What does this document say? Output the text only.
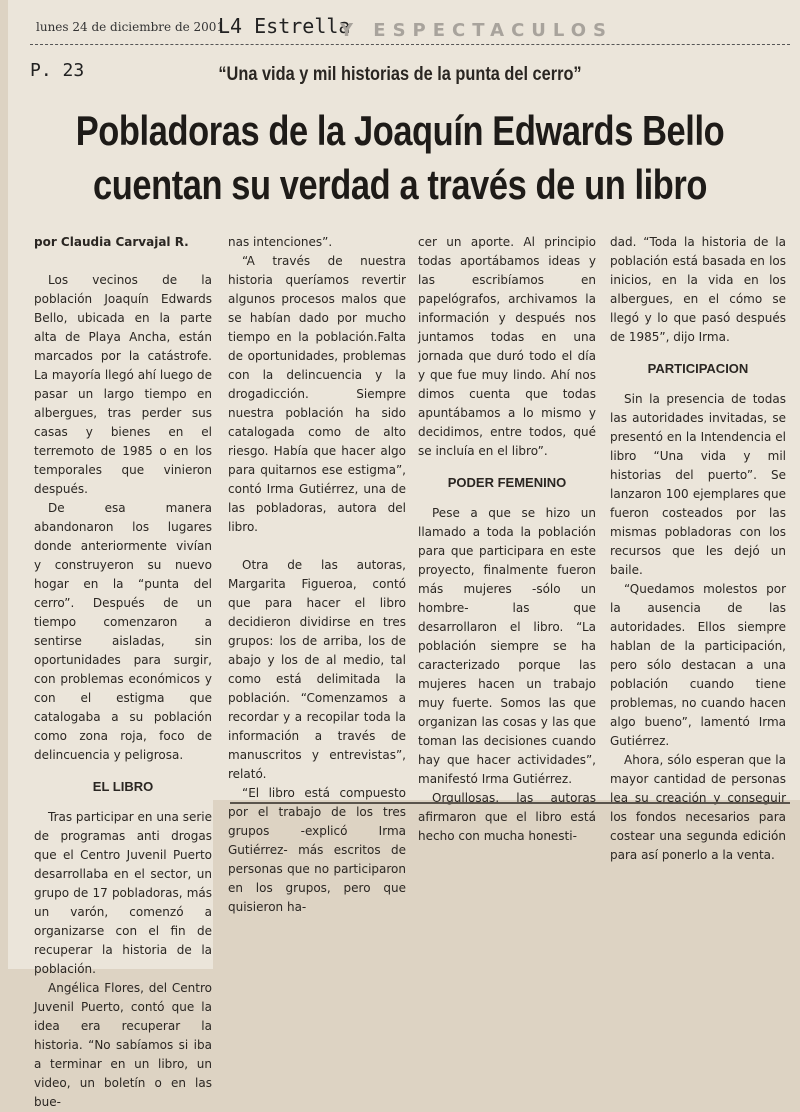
lunes 24 de diciembre de 2001
L4 Estrella
Y ESPECTACULOS
P. 23	“Una vida y mil historias de la punta del cerro”
Pobladoras de la Joaquín Edwards Bello
cuentan su verdad a través de un libro

por Claudia Carvajal R.

Los vecinos de la población Joaquín Edwards Bello, ubicada en la parte alta de Playa Ancha, están marcados por la catástrofe. La mayoría llegó ahí luego de pasar un largo tiempo en albergues, tras perder sus casas y bienes en el terremoto de 1985 o en los temporales que vinieron después.

De esa manera abandonaron los lugares donde anteriormente vivían y construyeron su nuevo hogar en la “punta del cerro”. Después de un tiempo comenzaron a sentirse aisladas, sin oportunidades para surgir, con problemas económicos y con el estigma que catalogaba a su población como zona roja, foco de delincuencia y peligrosa.

EL LIBRO

Tras participar en una serie de programas anti drogas que el Centro Juvenil Puerto desarrollaba en el sector, un grupo de 17 pobladoras, más un varón, comenzó a organizarse con el fin de recuperar la historia de la población.

Angélica Flores, del Centro Juvenil Puerto, contó que la idea era recuperar la historia. “No sabíamos si iba a terminar en un libro, un video, un boletín o en las bue-

nas intenciones”.

“A través de nuestra historia queríamos revertir algunos procesos malos que se habían dado por mucho tiempo en la población.Falta de oportunidades, problemas con la delincuencia y la drogadicción. Siempre nuestra población ha sido catalogada como de alto riesgo. Había que hacer algo para quitarnos ese estigma”, contó Irma Gutiérrez, una de las pobladoras, autora del libro.

Otra de las autoras, Margarita Figueroa, contó que para hacer el libro decidieron dividirse en tres grupos: los de arriba, los de abajo y los de al medio, tal como está delimitada la población. “Comenzamos a recordar y a recopilar toda la información a través de manuscritos y entrevistas”, relató.

“El libro está compuesto por el trabajo de los tres grupos -explicó Irma Gutiérrez- más escritos de personas que no participaron en los grupos, pero que quisieron ha-

cer un aporte. Al principio todas aportábamos ideas y las escribíamos en papelógrafos, archivamos la información y después nos juntamos todas en una jornada que duró todo el día y que fue muy lindo. Ahí nos dimos cuenta que todas apuntábamos a lo mismo y decidimos, entre todos, qué se incluía en el libro”.

PODER FEMENINO

Pese a que se hizo un llamado a toda la población para que participara en este proyecto, finalmente fueron más mujeres -sólo un hombre- las que desarrollaron el libro. “La población siempre se ha caracterizado porque las mujeres hacen un trabajo muy fuerte. Somos las que organizan las cosas y las que toman las decisiones cuando hay que hacer actividades”, manifestó Irma Gutiérrez.

Orgullosas, las autoras afirmaron que el libro está hecho con mucha honesti-

dad. “Toda la historia de la población está basada en los inicios, en la vida en los albergues, en el cómo se llegó y lo que pasó después de 1985”, dijo Irma.

PARTICIPACION

Sin la presencia de todas las autoridades invitadas, se presentó en la Intendencia el libro “Una vida y mil historias del puerto”. Se lanzaron 100 ejemplares que fueron costeados por las mismas pobladoras con los recursos que les dejó un baile.

“Quedamos molestos por la ausencia de las autoridades. Ellos siempre hablan de la participación, pero sólo destacan a una población cuando tiene problemas, no cuando hacen algo bueno”, lamentó Irma Gutiérrez.

Ahora, sólo esperan que la mayor cantidad de personas lea su creación y conseguir los fondos necesarios para costear una segunda edición para así ponerlo a la venta.
